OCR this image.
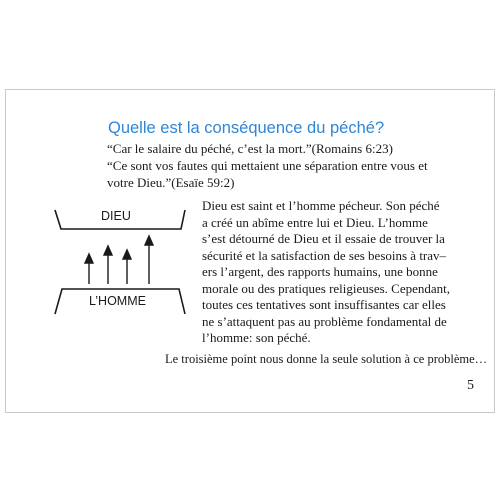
Quelle est la conséquence du péché?
“Car le salaire du péché, c’est la mort.”(Romains 6:23)
“Ce sont vos fautes qui mettaient une séparation entre vous et
votre Dieu.”(Esaïe 59:2)
DIEU
L’HOMME

Dieu est saint et l’homme pécheur. Son péché
a créé un abîme entre lui et Dieu. L’homme
s’est détourné de Dieu et il essaie de trouver la
sécurité et la satisfaction de ses besoins à trav–
ers l’argent, des rapports humains, une bonne
morale ou des pratiques religieuses. Cependant,
toutes ces tentatives sont insuffisantes car elles
ne s’attaquent pas au problème fondamental de
l’homme: son péché.

Le troisième point nous donne la seule solution à ce problème…
5
